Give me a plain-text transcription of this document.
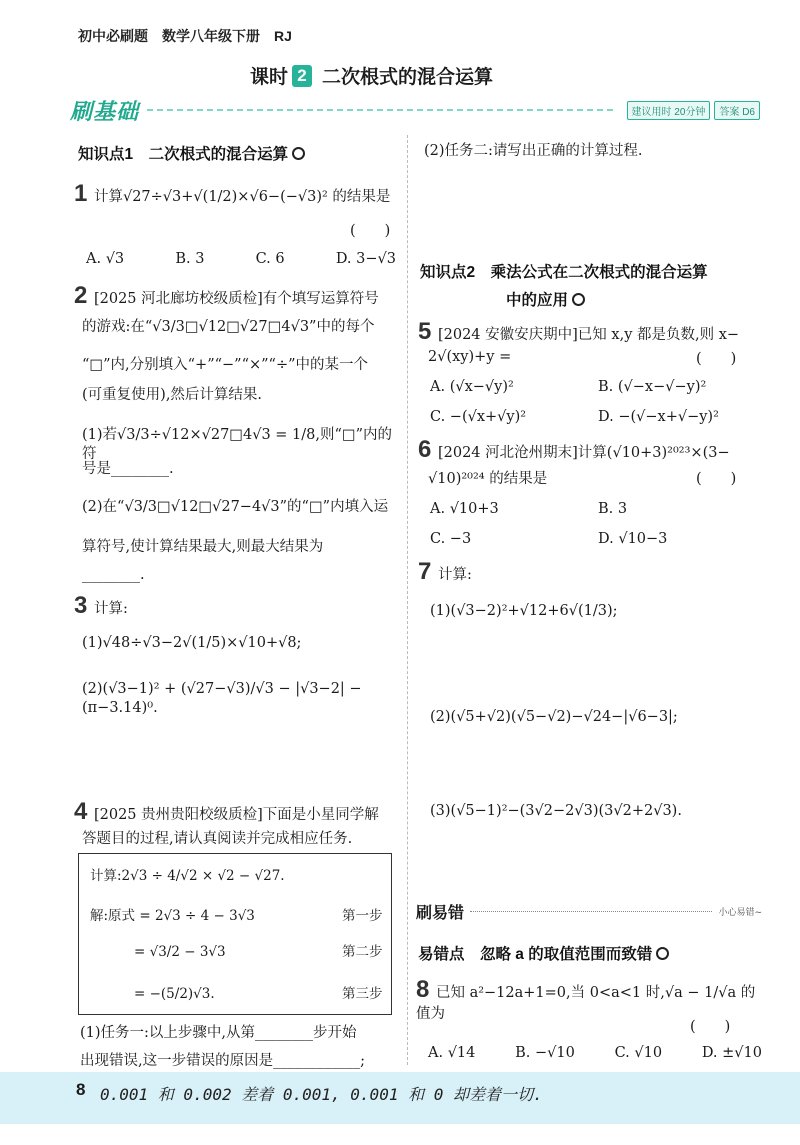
初中必刷题　数学八年级下册　RJ
课时 2 二次根式的混合运算
刷基础	建议用时 20分钟	答案 D6
知识点1　二次根式的混合运算
1 计算√27÷√3+√(1/2)×√6−(−√3)² 的结果是
(　　)
A. √3	B. 3	C. 6	D. 3−√3
2 [2025 河北廊坊校级质检]有个填写运算符号
的游戏:在“√3/3□√12□√27□4√3”中的每个
“□”内,分别填入“+”“−”“×”“÷”中的某一个
(可重复使用),然后计算结果.
(1)若√3/3÷√12×√27□4√3 = 1/8,则“□”内的符
号是________.
(2)在“√3/3□√12□√27−4√3”的“□”内填入运
算符号,使计算结果最大,则最大结果为
________.
3 计算:
(1)√48÷√3−2√(1/5)×√10+√8;
(2)(√3−1)² + (√27−√3)/√3 − |√3−2| − (π−3.14)⁰.
4 [2025 贵州贵阳校级质检]下面是小星同学解
答题目的过程,请认真阅读并完成相应任务.
计算:2√3 ÷ 4/√2 × √2 − √27.
解:原式 = 2√3 ÷ 4 − 3√3	第一步
= √3/2 − 3√3	第二步
= −(5/2)√3.	第三步
(1)任务一:以上步骤中,从第________步开始
出现错误,这一步错误的原因是____________;
(2)任务二:请写出正确的计算过程.
知识点2　乘法公式在二次根式的混合运算
中的应用
5 [2024 安徽安庆期中]已知 x,y 都是负数,则 x−
2√(xy)+y =	(　　)
A. (√x−√y)²	B. (√−x−√−y)²
C. −(√x+√y)²	D. −(√−x+√−y)²
6 [2024 河北沧州期末]计算(√10+3)²⁰²³×(3−
√10)²⁰²⁴ 的结果是	(　　)
A. √10+3	B. 3
C. −3	D. √10−3
7 计算:
(1)(√3−2)²+√12+6√(1/3);
(2)(√5+√2)(√5−√2)−√24−|√6−3|;
(3)(√5−1)²−(3√2−2√3)(3√2+2√3).
刷易错	小心易错~
易错点　忽略 a 的取值范围而致错
8 已知 a²−12a+1=0,当 0<a<1 时,√a − 1/√a 的值为
(　　)
A. √14	B. −√10	C. √10	D. ±√10
8 0.001 和 0.002 差着 0.001, 0.001 和 0 却差着一切.
